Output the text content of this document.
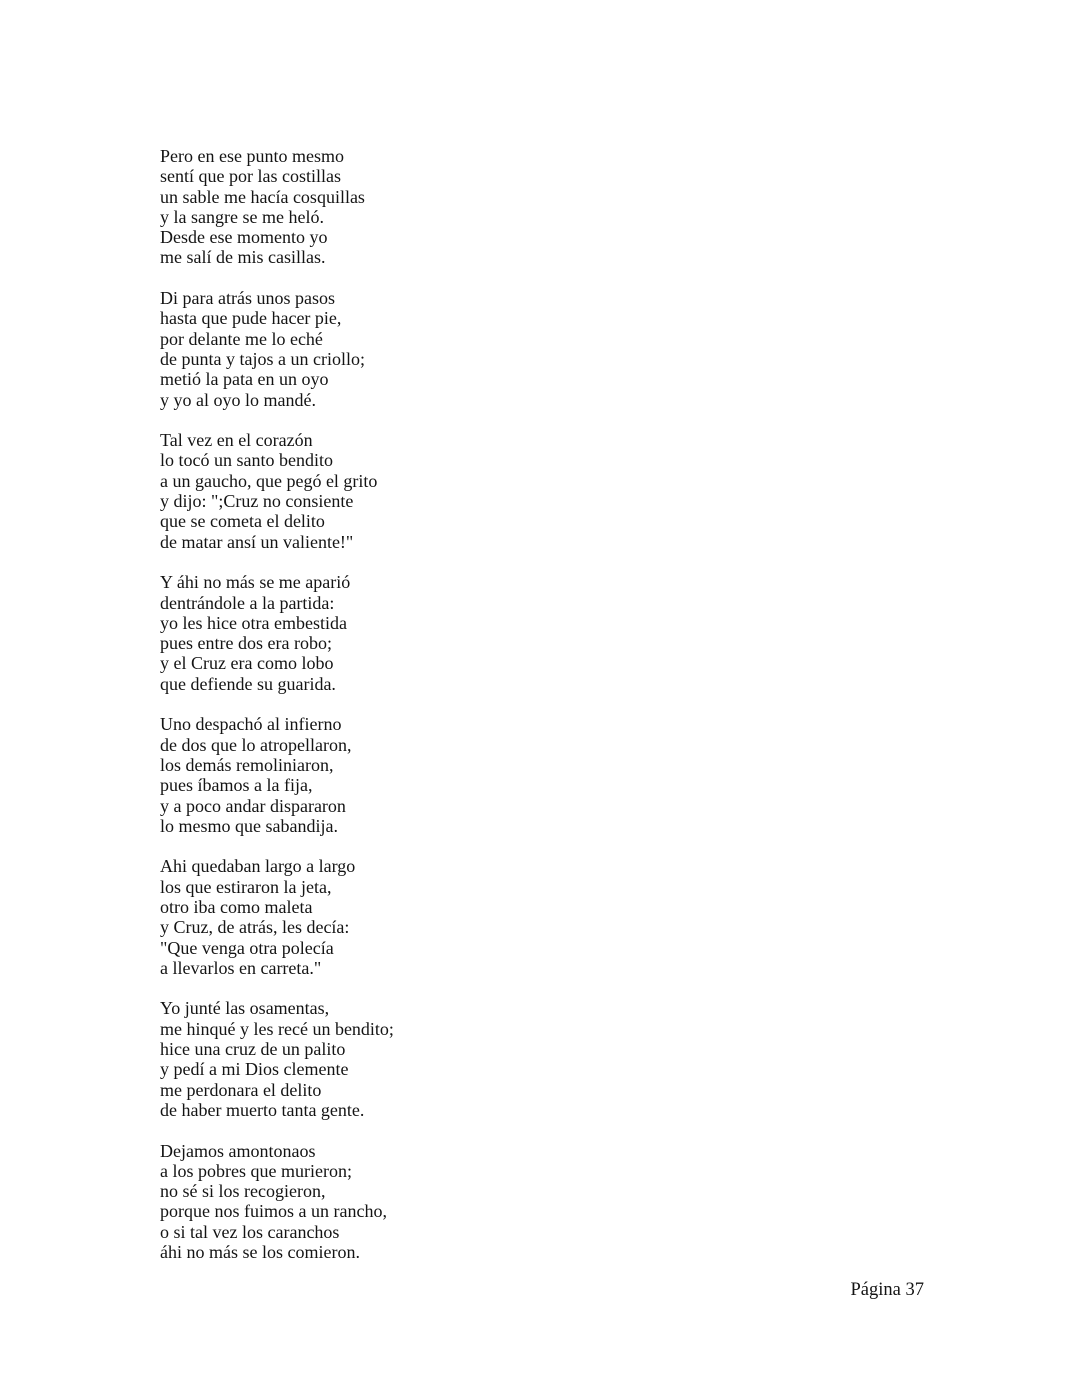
Pero en ese punto mesmo
sentí que por las costillas
un sable me hacía cosquillas
y la sangre se me heló.
Desde ese momento yo
me salí de mis casillas.
Di para atrás unos pasos
hasta que pude hacer pie,
por delante me lo eché
de punta y tajos a un criollo;
metió la pata en un oyo
y yo al oyo lo mandé.
Tal vez en el corazón
lo tocó un santo bendito
a un gaucho, que pegó el grito
y dijo: ";Cruz no consiente
que se cometa el delito
de matar ansí un valiente!"
Y áhi no más se me aparió
dentrándole a la partida:
yo les hice otra embestida
pues entre dos era robo;
y el Cruz era como lobo
que defiende su guarida.
Uno despachó al infierno
de dos que lo atropellaron,
los demás remoliniaron,
pues íbamos a la fija,
y a poco andar dispararon
lo mesmo que sabandija.
Ahi quedaban largo a largo
los que estiraron la jeta,
otro iba como maleta
y Cruz, de atrás, les decía:
"Que venga otra polecía
a llevarlos en carreta."
Yo junté las osamentas,
me hinqué y les recé un bendito;
hice una cruz de un palito
y pedí a mi Dios clemente
me perdonara el delito
de haber muerto tanta gente.
Dejamos amontonaos
a los pobres que murieron;
no sé si los recogieron,
porque nos fuimos a un rancho,
o si tal vez los caranchos
áhi no más se los comieron.
Página 37
